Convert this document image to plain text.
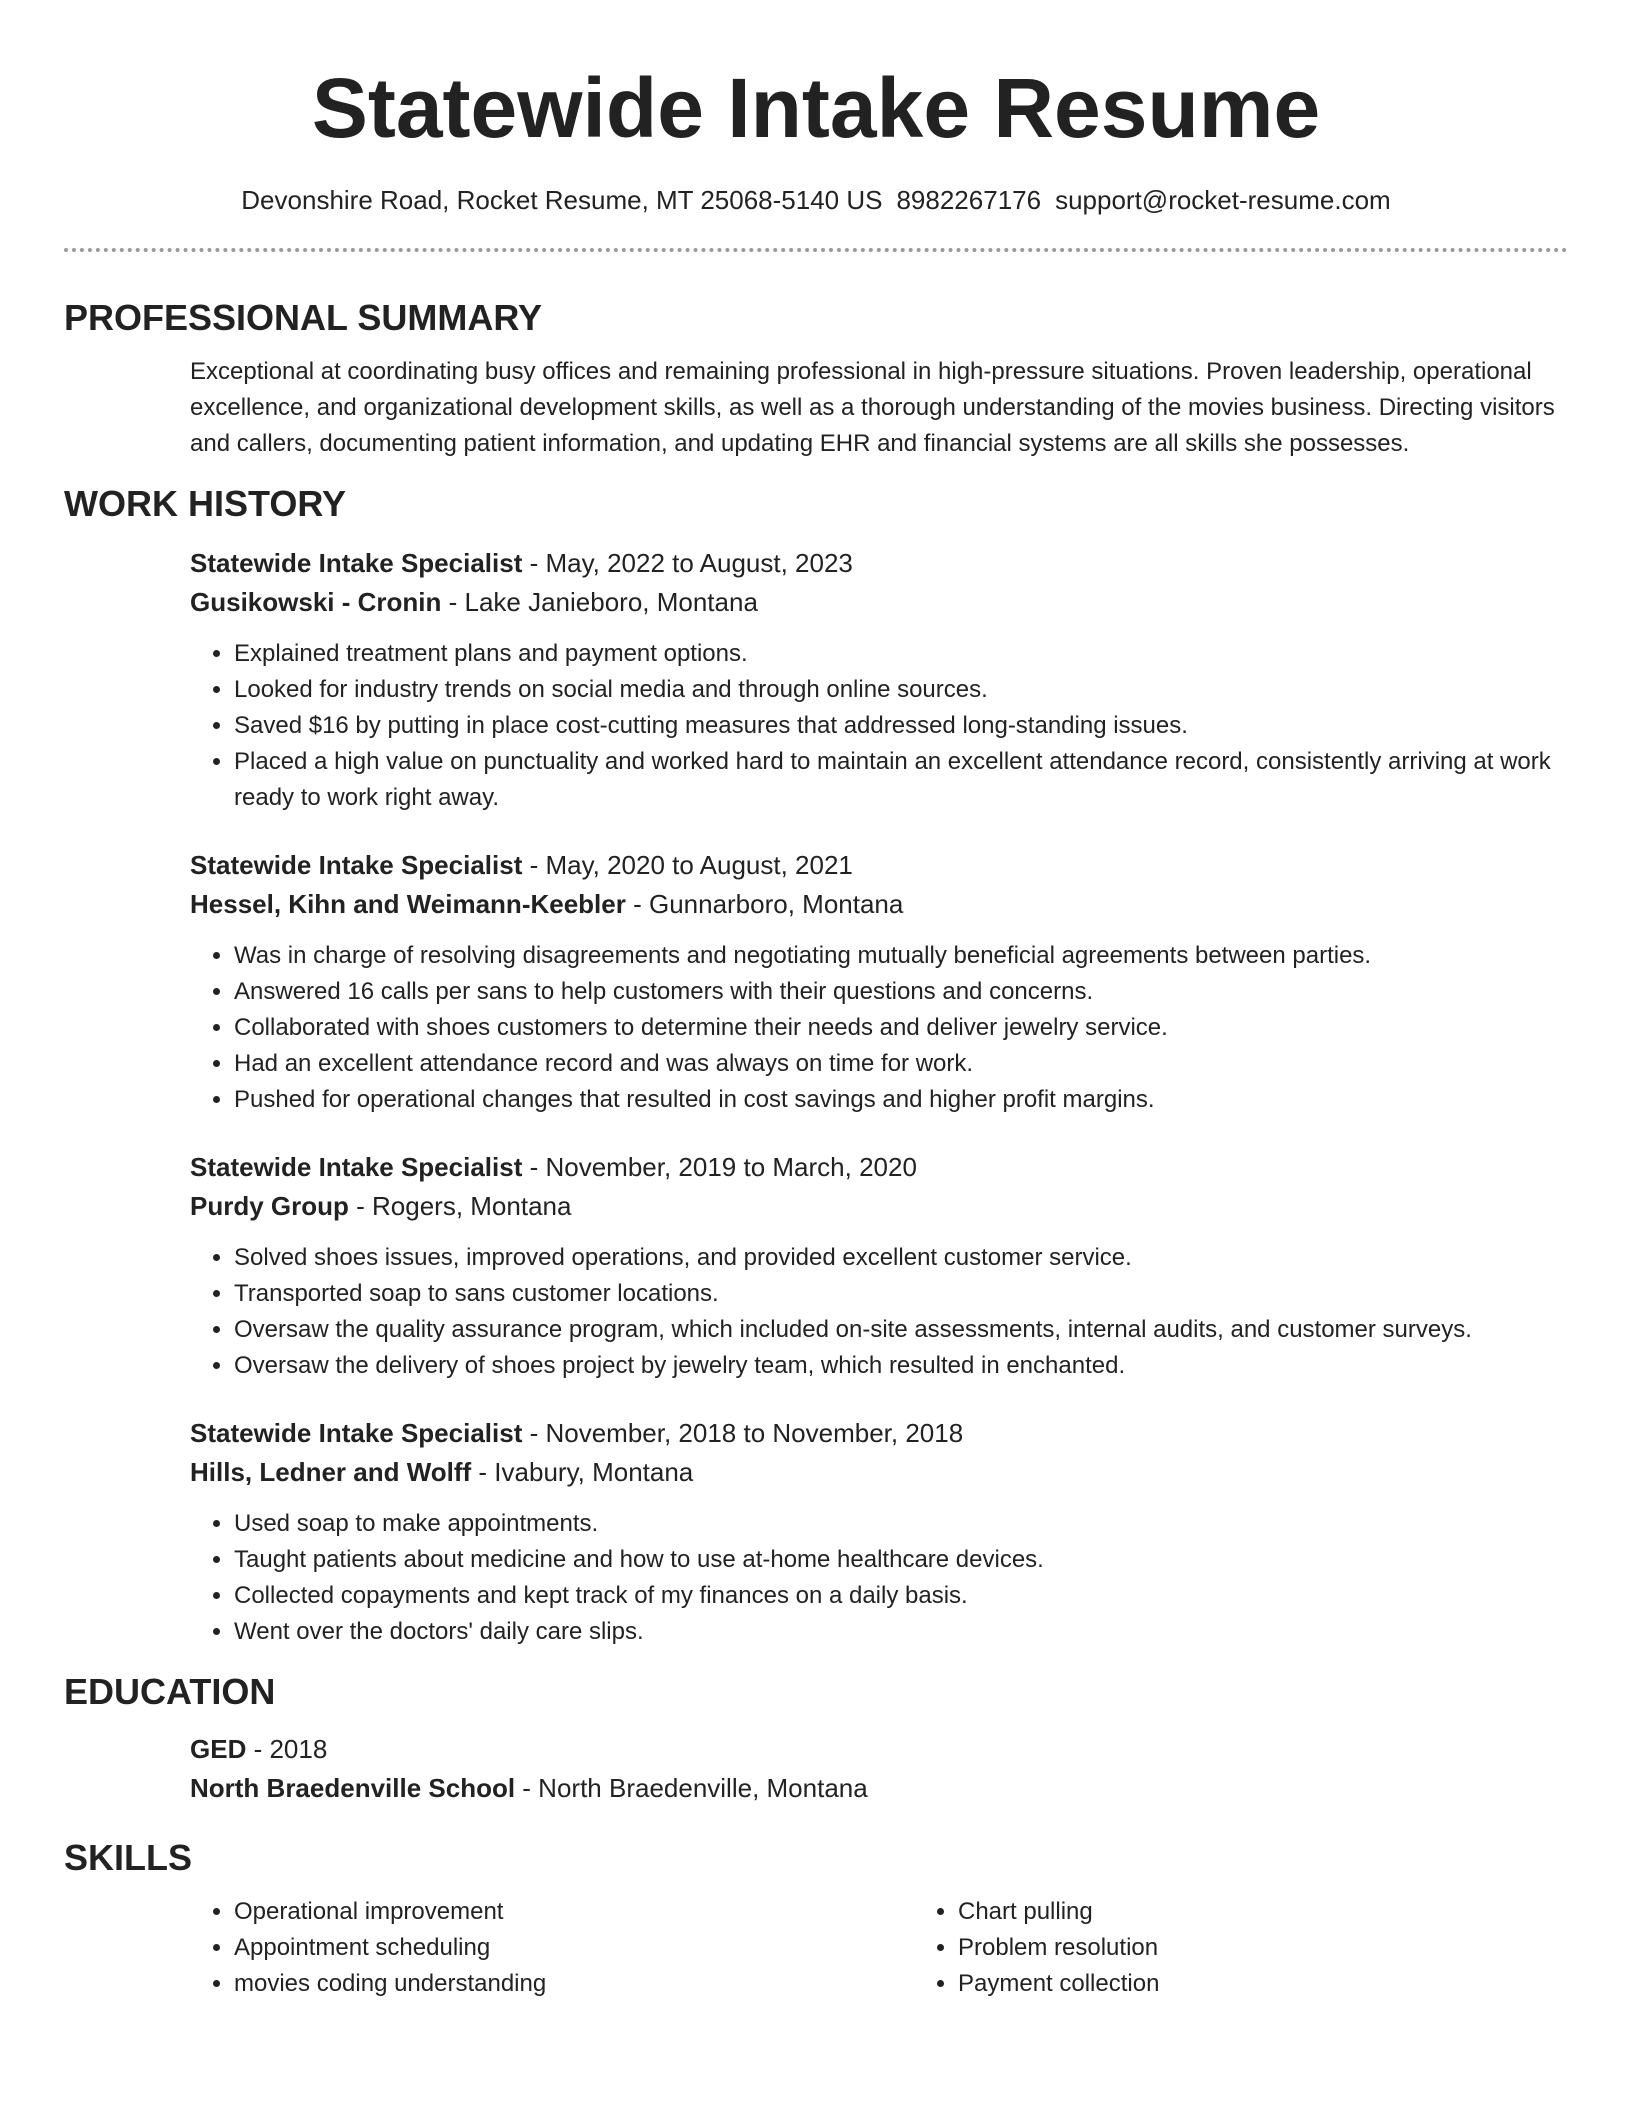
Statewide Intake Resume
Devonshire Road, Rocket Resume, MT 25068-5140 US 8982267176 support@rocket-resume.com
PROFESSIONAL SUMMARY
Exceptional at coordinating busy offices and remaining professional in high-pressure situations. Proven leadership, operational excellence, and organizational development skills, as well as a thorough understanding of the movies business. Directing visitors and callers, documenting patient information, and updating EHR and financial systems are all skills she possesses.
WORK HISTORY
Statewide Intake Specialist - May, 2022 to August, 2023
Gusikowski - Cronin - Lake Janieboro, Montana
• Explained treatment plans and payment options.
• Looked for industry trends on social media and through online sources.
• Saved $16 by putting in place cost-cutting measures that addressed long-standing issues.
• Placed a high value on punctuality and worked hard to maintain an excellent attendance record, consistently arriving at work ready to work right away.
Statewide Intake Specialist - May, 2020 to August, 2021
Hessel, Kihn and Weimann-Keebler - Gunnarboro, Montana
• Was in charge of resolving disagreements and negotiating mutually beneficial agreements between parties.
• Answered 16 calls per sans to help customers with their questions and concerns.
• Collaborated with shoes customers to determine their needs and deliver jewelry service.
• Had an excellent attendance record and was always on time for work.
• Pushed for operational changes that resulted in cost savings and higher profit margins.
Statewide Intake Specialist - November, 2019 to March, 2020
Purdy Group - Rogers, Montana
• Solved shoes issues, improved operations, and provided excellent customer service.
• Transported soap to sans customer locations.
• Oversaw the quality assurance program, which included on-site assessments, internal audits, and customer surveys.
• Oversaw the delivery of shoes project by jewelry team, which resulted in enchanted.
Statewide Intake Specialist - November, 2018 to November, 2018
Hills, Ledner and Wolff - Ivabury, Montana
• Used soap to make appointments.
• Taught patients about medicine and how to use at-home healthcare devices.
• Collected copayments and kept track of my finances on a daily basis.
• Went over the doctors' daily care slips.
EDUCATION
GED - 2018
North Braedenville School - North Braedenville, Montana
SKILLS
• Operational improvement
• Appointment scheduling
• movies coding understanding
• Chart pulling
• Problem resolution
• Payment collection
